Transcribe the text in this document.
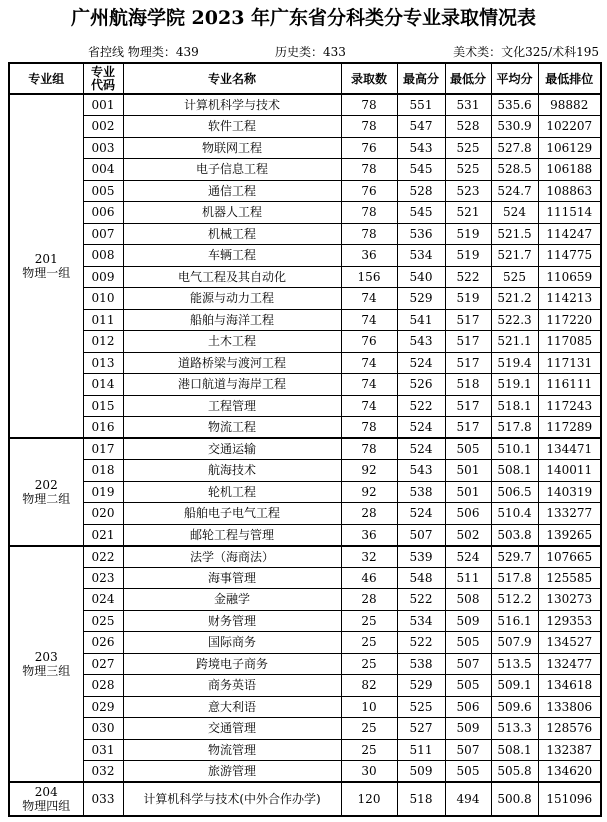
广州航海学院 2023 年广东省分科类分专业录取情况表
省控线 物理类：439	历史类：433	美术类：文化325/术科195
专业组	专业代码	专业名称	录取数	最高分	最低分	平均分	最低排位

201
物理一组	001	计算机科学与技术	78	551	531	535.6	98882
	002	软件工程	78	547	528	530.9	102207
	003	物联网工程	76	543	525	527.8	106129
	004	电子信息工程	78	545	525	528.5	106188
	005	通信工程	76	528	523	524.7	108863
	006	机器人工程	78	545	521	524	111514
	007	机械工程	78	536	519	521.5	114247
	008	车辆工程	36	534	519	521.7	114775
	009	电气工程及其自动化	156	540	522	525	110659
	010	能源与动力工程	74	529	519	521.2	114213
	011	船舶与海洋工程	74	541	517	522.3	117220
	012	土木工程	76	543	517	521.1	117085
	013	道路桥梁与渡河工程	74	524	517	519.4	117131
	014	港口航道与海岸工程	74	526	518	519.1	116111
	015	工程管理	74	522	517	518.1	117243
	016	物流工程	78	524	517	517.8	117289

202
物理二组	017	交通运输	78	524	505	510.1	134471
	018	航海技术	92	543	501	508.1	140011
	019	轮机工程	92	538	501	506.5	140319
	020	船舶电子电气工程	28	524	506	510.4	133277
	021	邮轮工程与管理	36	507	502	503.8	139265

203
物理三组	022	法学（海商法）	32	539	524	529.7	107665
	023	海事管理	46	548	511	517.8	125585
	024	金融学	28	522	508	512.2	130273
	025	财务管理	25	534	509	516.1	129353
	026	国际商务	25	522	505	507.9	134527
	027	跨境电子商务	25	538	507	513.5	132477
	028	商务英语	82	529	505	509.1	134618
	029	意大利语	10	525	506	509.6	133806
	030	交通管理	25	527	509	513.3	128576
	031	物流管理	25	511	507	508.1	132387
	032	旅游管理	30	509	505	505.8	134620

204
物理四组	033	计算机科学与技术(中外合作办学)	120	518	494	500.8	151096
